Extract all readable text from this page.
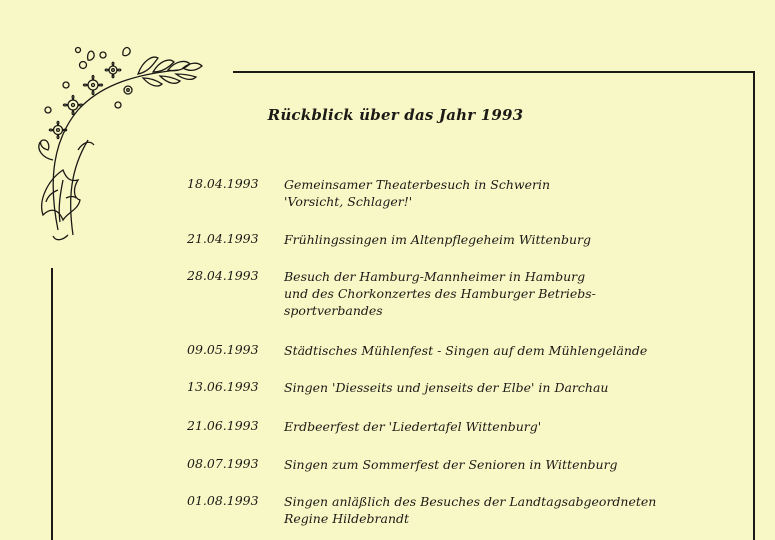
Rückblick über das Jahr 1993
18.04.1993	Gemeinsamer Theaterbesuch in Schwerin
'Vorsicht, Schlager!'
21.04.1993	Frühlingssingen im Altenpflegeheim Wittenburg
28.04.1993	Besuch der Hamburg-Mannheimer in Hamburg
und des Chorkonzertes des Hamburger Betriebs-
sportverbandes
09.05.1993	Städtisches Mühlenfest - Singen auf dem Mühlengelände
13.06.1993	Singen 'Diesseits und jenseits der Elbe' in Darchau
21.06.1993	Erdbeerfest der 'Liedertafel Wittenburg'
08.07.1993	Singen zum Sommerfest der Senioren in Wittenburg
01.08.1993	Singen anläßlich des Besuches der Landtagsabgeordneten
Regine Hildebrandt
